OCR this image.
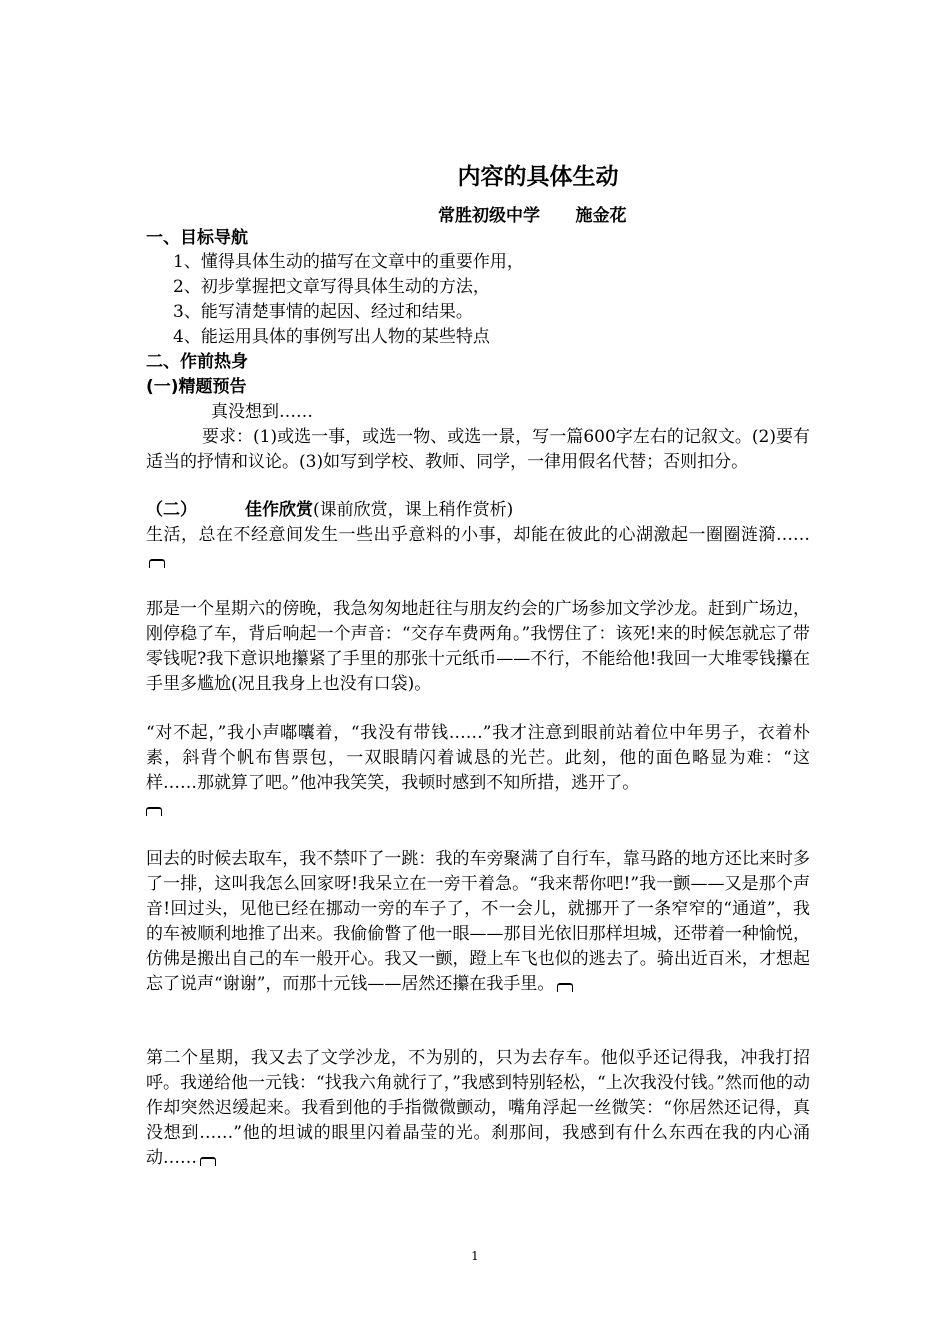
内容的具体生动
常胜初级中学      施金花
一、目标导航
1、懂得具体生动的描写在文章中的重要作用，
2、初步掌握把文章写得具体生动的方法，
3、能写清楚事情的起因、经过和结果。
4、能运用具体的事例写出人物的某些特点
二、作前热身
(一)精题预告
真没想到……

要求：(1)或选一事，或选一物、或选一景，写一篇600字左右的记叙文。(2)要有适当的抒情和议论。(3)如写到学校、教师、同学，一律用假名代替；否则扣分。

（二）	佳作欣赏(课前欣赏，课上稍作赏析)

生活，总在不经意间发生一些出乎意料的小事，却能在彼此的心湖激起一圈圈涟漪……

那是一个星期六的傍晚，我急匆匆地赶往与朋友约会的广场参加文学沙龙。赶到广场边，刚停稳了车，背后响起一个声音：“交存车费两角。”我愣住了：该死!来的时候怎就忘了带零钱呢?我下意识地攥紧了手里的那张十元纸币——不行，不能给他!我回一大堆零钱攥在手里多尴尬(况且我身上也没有口袋)。

“对不起，”我小声嘟囔着，“我没有带钱……”我才注意到眼前站着位中年男子，衣着朴素，斜背个帆布售票包，一双眼睛闪着诚恳的光芒。此刻，他的面色略显为难：“这样……那就算了吧。”他冲我笑笑，我顿时感到不知所措，逃开了。

回去的时候去取车，我不禁吓了一跳：我的车旁聚满了自行车，靠马路的地方还比来时多了一排，这叫我怎么回家呀!我呆立在一旁干着急。“我来帮你吧!”我一颤——又是那个声音!回过头，见他已经在挪动一旁的车子了，不一会儿，就挪开了一条窄窄的“通道”，我的车被顺利地推了出来。我偷偷瞥了他一眼——那目光依旧那样坦城，还带着一种愉悦，仿佛是搬出自己的车一般开心。我又一颤，蹬上车飞也似的逃去了。骑出近百米，才想起忘了说声“谢谢”，而那十元钱——居然还攥在我手里。

第二个星期，我又去了文学沙龙，不为别的，只为去存车。他似乎还记得我，冲我打招呼。我递给他一元钱：“找我六角就行了，”我感到特别轻松，“上次我没付钱。”然而他的动作却突然迟缓起来。我看到他的手指微微颤动，嘴角浮起一丝微笑：“你居然还记得，真没想到……”他的坦诚的眼里闪着晶莹的光。刹那间，我感到有什么东西在我的内心涌动……

1
